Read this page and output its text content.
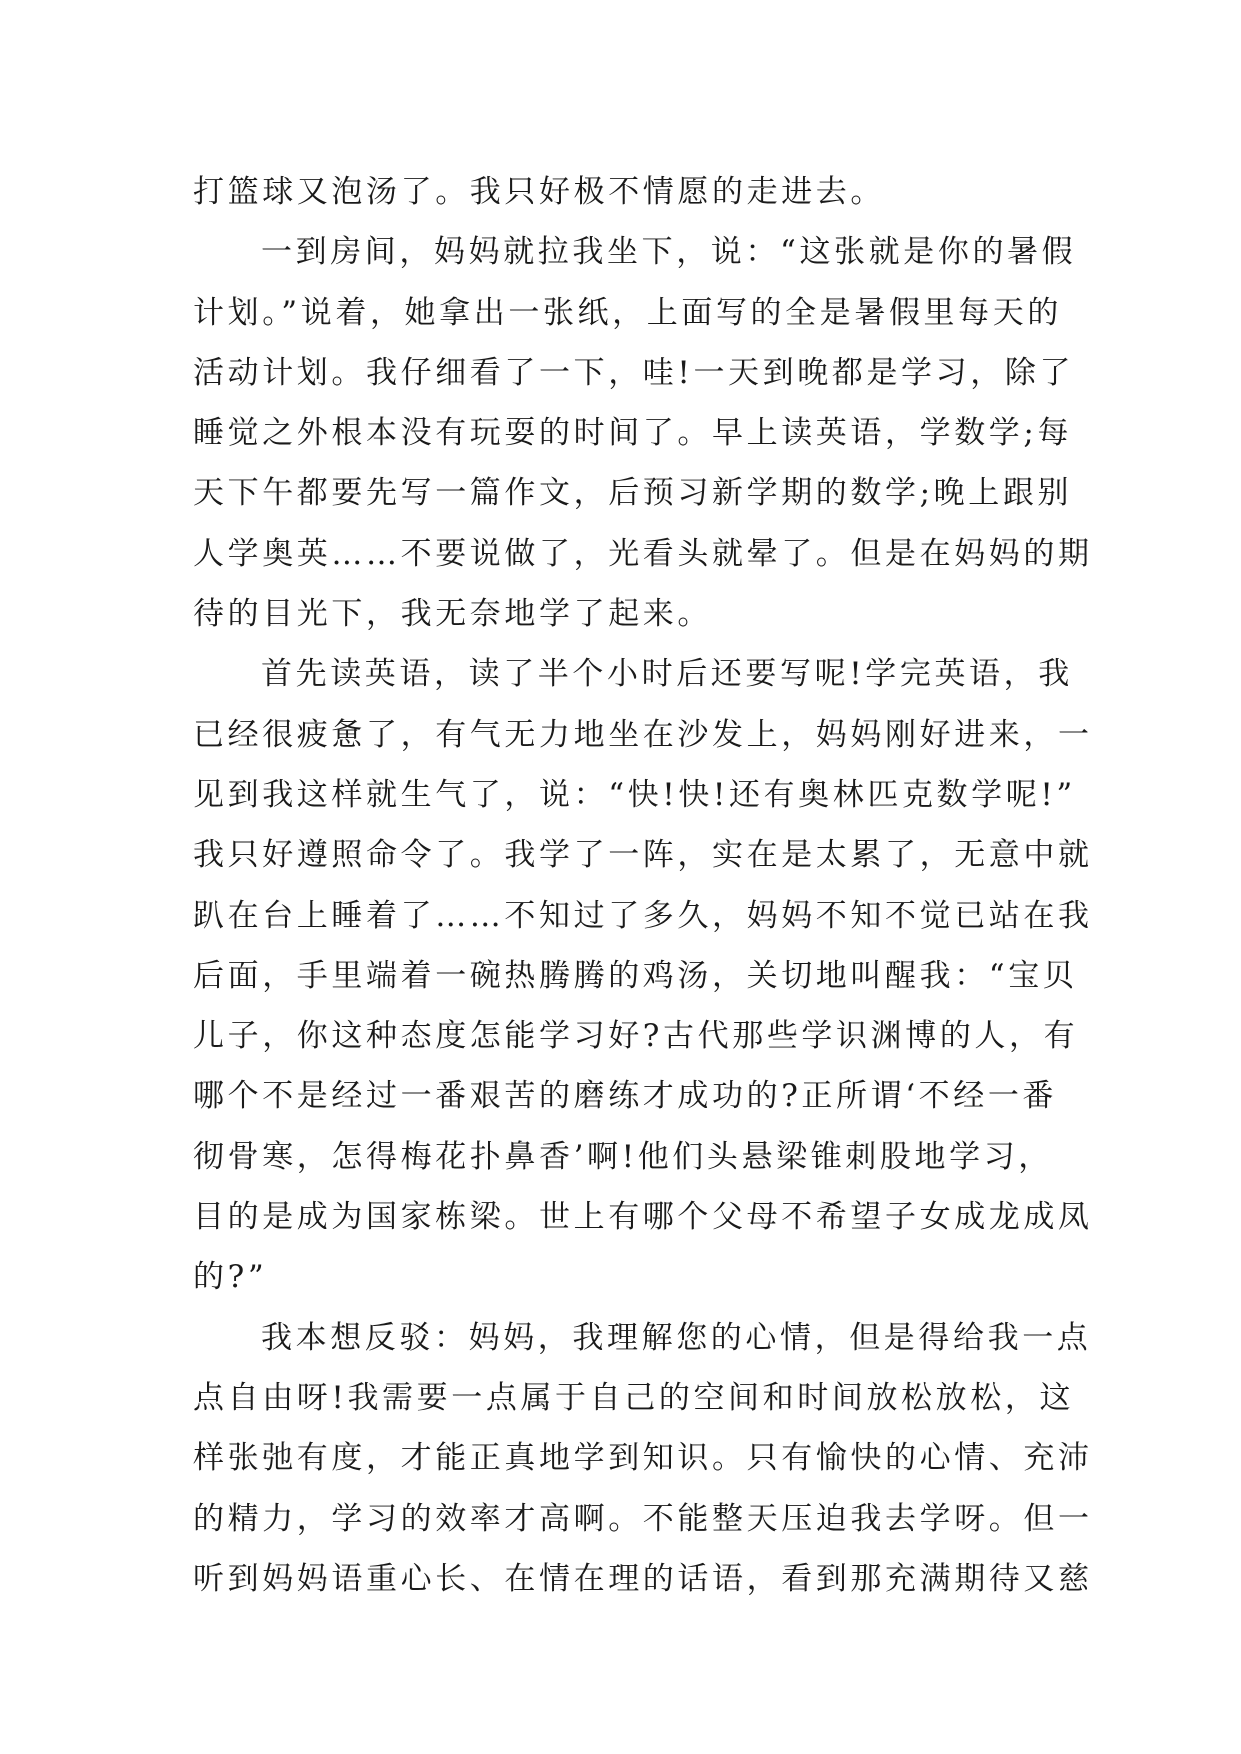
打篮球又泡汤了。我只好极不情愿的走进去。
一到房间，妈妈就拉我坐下，说：“这张就是你的暑假
计划。”说着，她拿出一张纸，上面写的全是暑假里每天的
活动计划。我仔细看了一下，哇!一天到晚都是学习，除了
睡觉之外根本没有玩耍的时间了。早上读英语，学数学;每
天下午都要先写一篇作文，后预习新学期的数学;晚上跟别
人学奥英……不要说做了，光看头就晕了。但是在妈妈的期
待的目光下，我无奈地学了起来。
首先读英语，读了半个小时后还要写呢!学完英语，我
已经很疲惫了，有气无力地坐在沙发上，妈妈刚好进来，一
见到我这样就生气了，说：“快!快!还有奥林匹克数学呢!”
我只好遵照命令了。我学了一阵，实在是太累了，无意中就
趴在台上睡着了……不知过了多久，妈妈不知不觉已站在我
后面，手里端着一碗热腾腾的鸡汤，关切地叫醒我：“宝贝
儿子，你这种态度怎能学习好?古代那些学识渊博的人，有
哪个不是经过一番艰苦的磨练才成功的?正所谓‘不经一番
彻骨寒，怎得梅花扑鼻香’啊!他们头悬梁锥刺股地学习，
目的是成为国家栋梁。世上有哪个父母不希望子女成龙成凤
的?”
我本想反驳：妈妈，我理解您的心情，但是得给我一点
点自由呀!我需要一点属于自己的空间和时间放松放松，这
样张弛有度，才能正真地学到知识。只有愉快的心情、充沛
的精力，学习的效率才高啊。不能整天压迫我去学呀。但一
听到妈妈语重心长、在情在理的话语，看到那充满期待又慈
